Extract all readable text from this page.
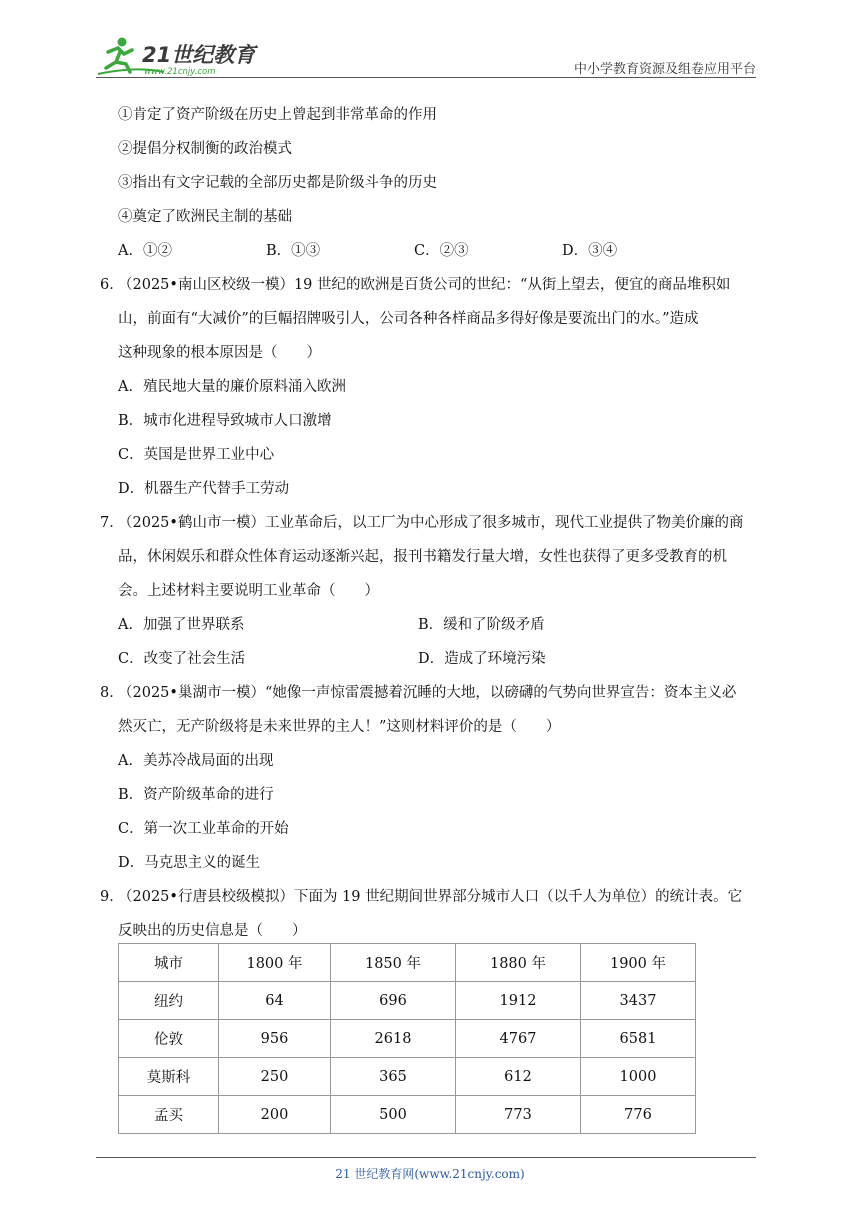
21世纪教育
www.21cnjy.com	中小学教育资源及组卷应用平台
①肯定了资产阶级在历史上曾起到非常革命的作用
②提倡分权制衡的政治模式
③指出有文字记载的全部历史都是阶级斗争的历史
④奠定了欧洲民主制的基础
A．①②	B．①③	C．②③	D．③④
6．（2025•南山区校级一模）19 世纪的欧洲是百货公司的世纪：“从街上望去，便宜的商品堆积如
山，前面有“大减价”的巨幅招牌吸引人，公司各种各样商品多得好像是要流出门的水。”造成
这种现象的根本原因是（　　）
A．殖民地大量的廉价原料涌入欧洲
B．城市化进程导致城市人口激增
C．英国是世界工业中心
D．机器生产代替手工劳动
7．（2025•鹤山市一模）工业革命后，以工厂为中心形成了很多城市，现代工业提供了物美价廉的商
品，休闲娱乐和群众性体育运动逐渐兴起，报刊书籍发行量大增，女性也获得了更多受教育的机
会。上述材料主要说明工业革命（　　）
A．加强了世界联系	B．缓和了阶级矛盾
C．改变了社会生活	D．造成了环境污染
8．（2025•巢湖市一模）“她像一声惊雷震撼着沉睡的大地，以磅礴的气势向世界宣告：资本主义必
然灭亡，无产阶级将是未来世界的主人！”这则材料评价的是（　　）
A．美苏冷战局面的出现
B．资产阶级革命的进行
C．第一次工业革命的开始
D．马克思主义的诞生
9．（2025•行唐县校级模拟）下面为 19 世纪期间世界部分城市人口（以千人为单位）的统计表。它
反映出的历史信息是（　　）
城市	1800 年	1850 年	1880 年	1900 年
纽约	64	696	1912	3437
伦敦	956	2618	4767	6581
莫斯科	250	365	612	1000
孟买	200	500	773	776
21 世纪教育网(www.21cnjy.com)
